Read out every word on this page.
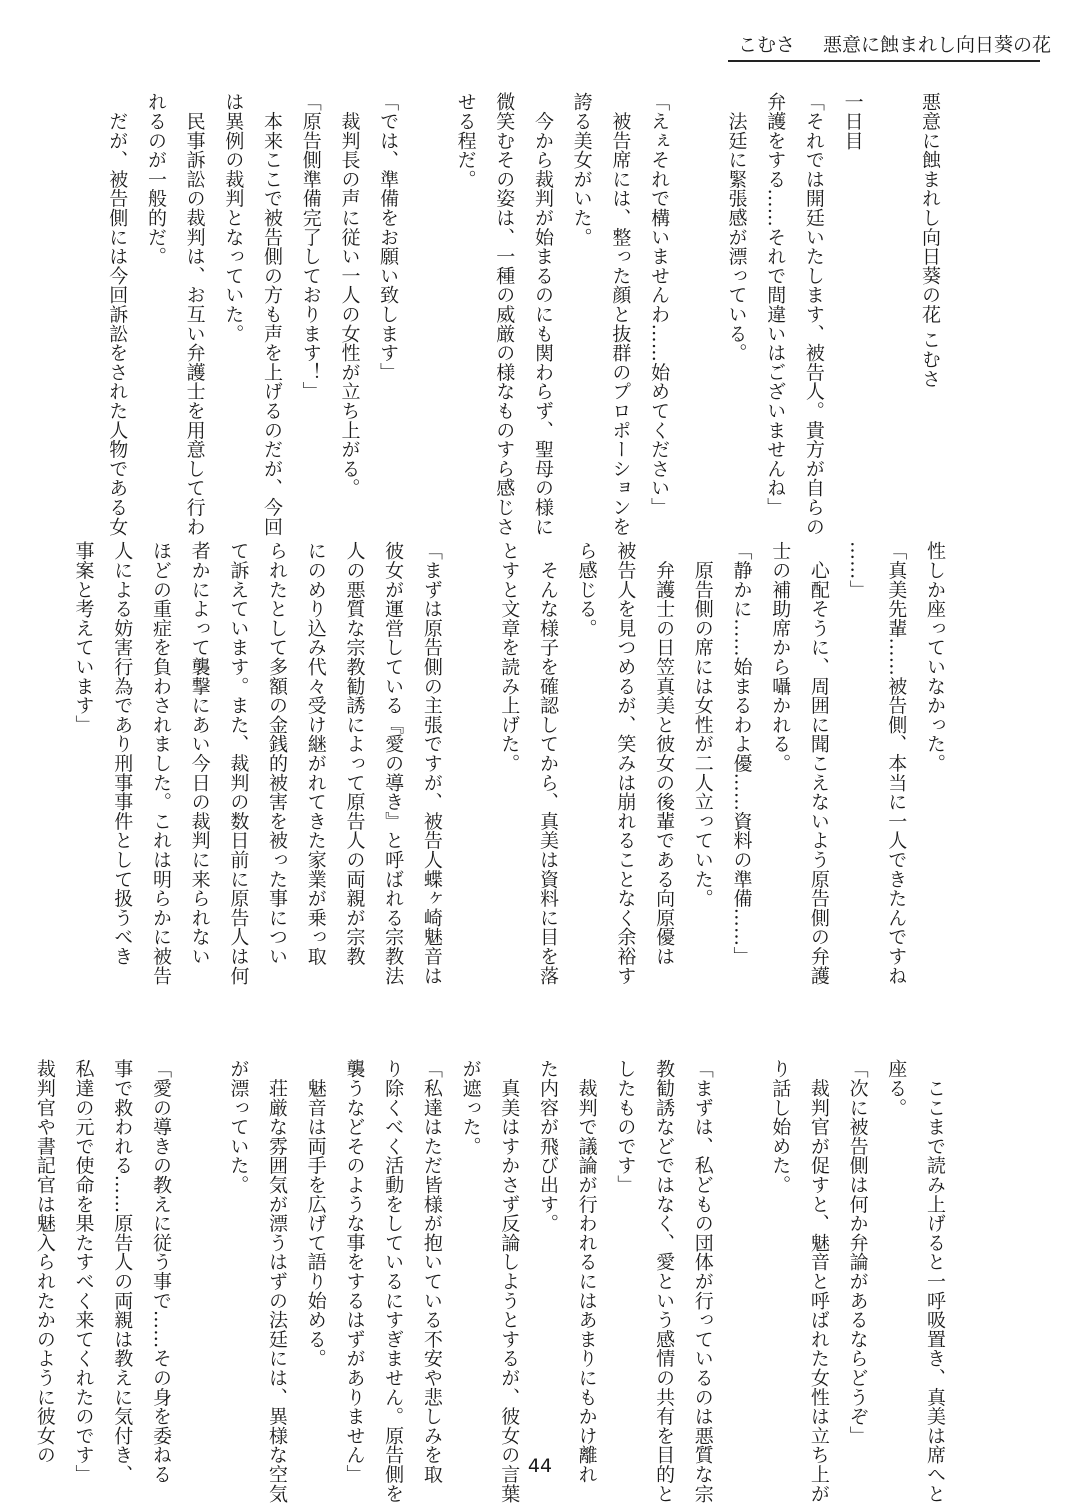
こむさ 悪意に蝕まれし向日葵の花
悪意に蝕まれし向日葵の花 こむさ

一日目
「それでは開廷いたします、被告人。貴方が自らの
弁護をする……それで間違いはございませんね」
　法廷に緊張感が漂っている。

「えぇそれで構いませんわ……始めてください」
　被告席には、整った顔と抜群のプロポーションを
誇る美女がいた。
　今から裁判が始まるのにも関わらず、聖母の様に
微笑むその姿は、一種の威厳の様なものすら感じさ
せる程だ。

「では、準備をお願い致します」
　裁判長の声に従い一人の女性が立ち上がる。
「原告側準備完了しております！」
　本来ここで被告側の方も声を上げるのだが、今回
は異例の裁判となっていた。
　民事訴訟の裁判は、お互い弁護士を用意して行わ
れるのが一般的だ。
　だが、被告側には今回訴訟をされた人物である女
性しか座っていなかった。
「真美先輩……被告側、本当に一人できたんですね
……」
　心配そうに、周囲に聞こえないよう原告側の弁護
士の補助席から囁かれる。
「静かに……始まるわよ優……資料の準備……」
　原告側の席には女性が二人立っていた。
　弁護士の日笠真美と彼女の後輩である向原優は
被告人を見つめるが、笑みは崩れることなく余裕す
ら感じる。
　そんな様子を確認してから、真美は資料に目を落
とすと文章を読み上げた。

「まずは原告側の主張ですが、被告人蝶ヶ崎魅音は
彼女が運営している『愛の導き』と呼ばれる宗教法
人の悪質な宗教勧誘によって原告人の両親が宗教
にのめり込み代々受け継がれてきた家業が乗っ取
られたとして多額の金銭的被害を被った事につい
て訴えています。また、裁判の数日前に原告人は何
者かによって襲撃にあい今日の裁判に来られない
ほどの重症を負わされました。これは明らかに被告
人による妨害行為であり刑事事件として扱うべき
事案と考えています」
　ここまで読み上げると一呼吸置き、真美は席へと
座る。
「次に被告側は何か弁論があるならどうぞ」
　裁判官が促すと、魅音と呼ばれた女性は立ち上が
り話し始めた。

「まずは、私どもの団体が行っているのは悪質な宗
教勧誘などではなく、愛という感情の共有を目的と
したものです」
　裁判で議論が行われるにはあまりにもかけ離れ
た内容が飛び出す。
　真美はすかさず反論しようとするが、彼女の言葉
が遮った。
「私達はただ皆様が抱いている不安や悲しみを取
り除くべく活動をしているにすぎません。原告側を
襲うなどそのような事をするはずがありません」
　魅音は両手を広げて語り始める。
　荘厳な雰囲気が漂うはずの法廷には、異様な空気
が漂っていた。

「愛の導きの教えに従う事で……その身を委ねる
事で救われる……原告人の両親は教えに気付き、
私達の元で使命を果たすべく来てくれたのです」
裁判官や書記官は魅入られたかのように彼女の
44
